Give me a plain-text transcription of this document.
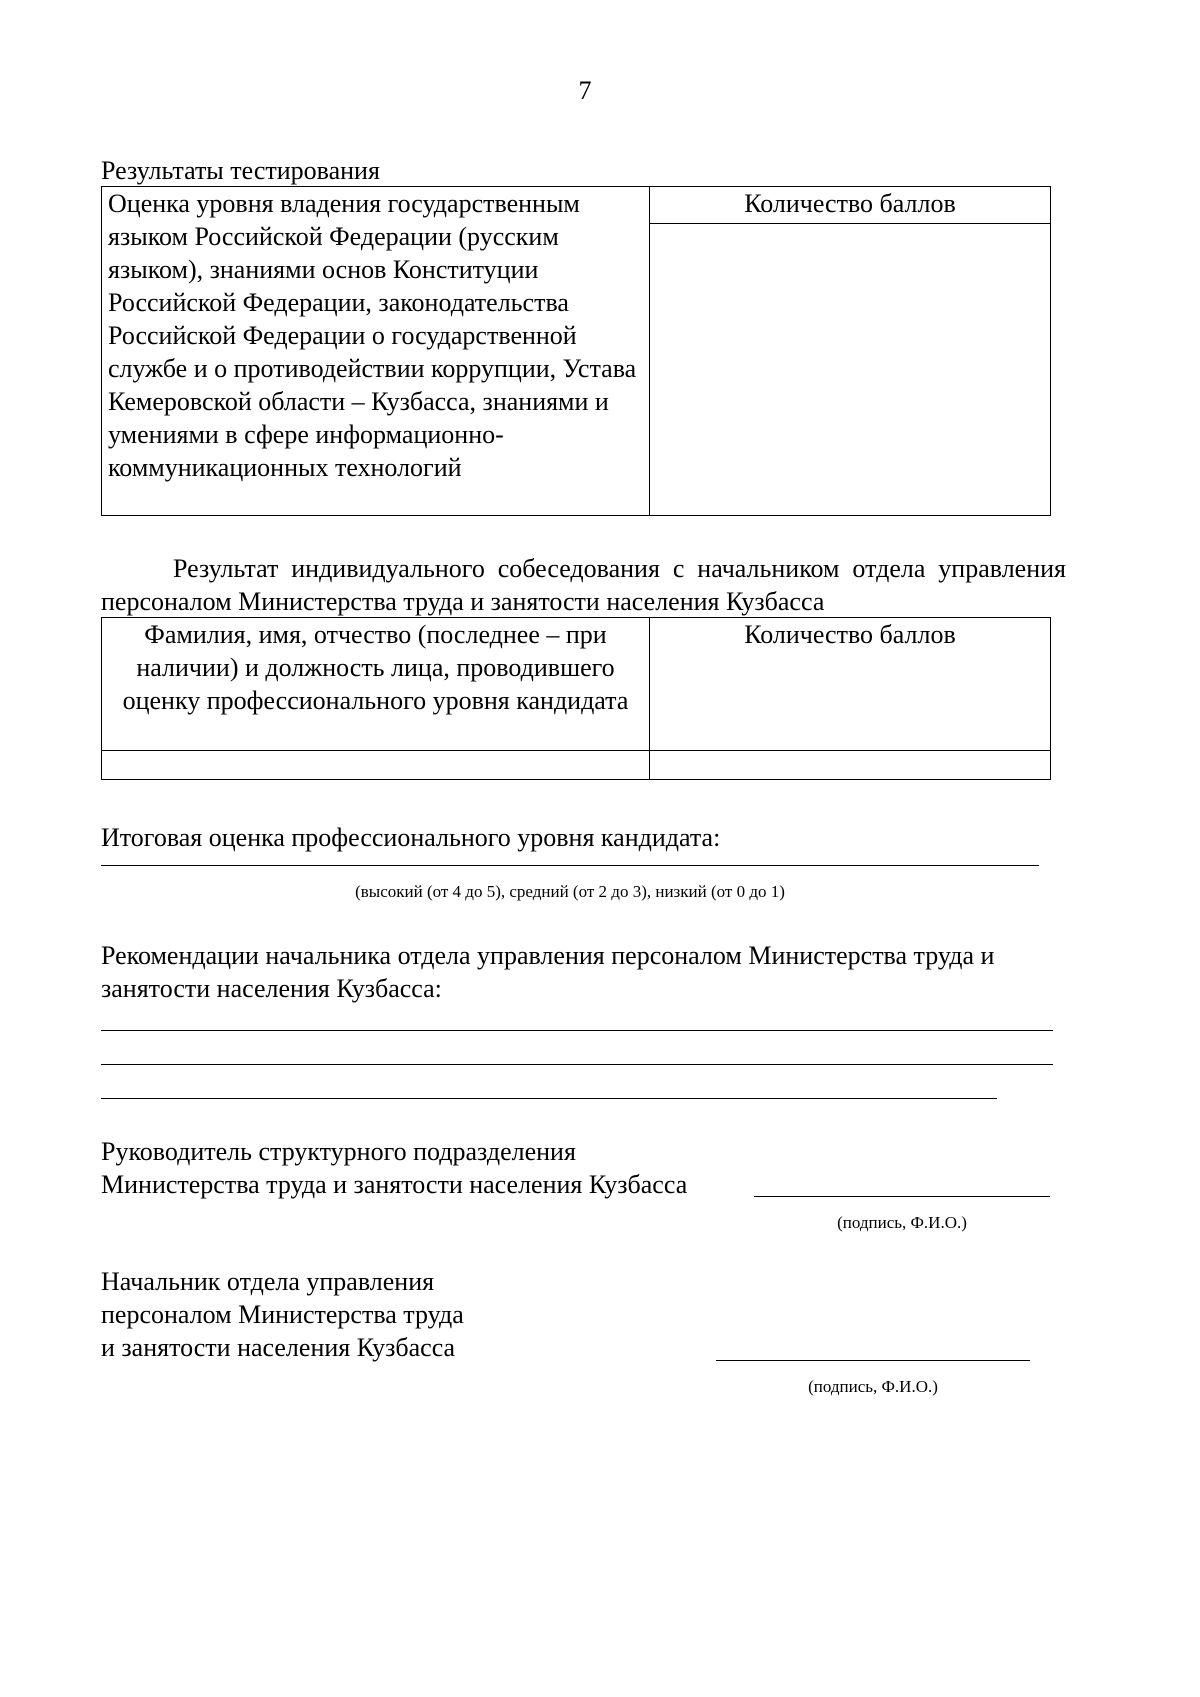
7
Результаты тестирования
Оценка уровня владения государственным языком Российской Федерации (русским языком), знаниями основ Конституции Российской Федерации, законодательства Российской Федерации о государственной службе и о противодействии коррупции, Устава Кемеровской области – Кузбасса, знаниями и умениями в сфере информационно-коммуникационных технологий	Количество баллов

Результат индивидуального собеседования с начальником отдела управления персоналом Министерства труда и занятости населения Кузбасса
Фамилия, имя, отчество (последнее – при наличии) и должность лица, проводившего оценку профессионального уровня кандидата	Количество баллов

Итоговая оценка профессионального уровня кандидата:
(высокий (от 4 до 5), средний (от 2 до 3), низкий (от 0 до 1)
Рекомендации начальника отдела управления персоналом Министерства труда и занятости населения Кузбасса:
Руководитель структурного подразделения
Министерства труда и занятости населения Кузбасса
(подпись, Ф.И.О.)
Начальник отдела управления
персоналом Министерства труда
и занятости населения Кузбасса
(подпись, Ф.И.О.)
